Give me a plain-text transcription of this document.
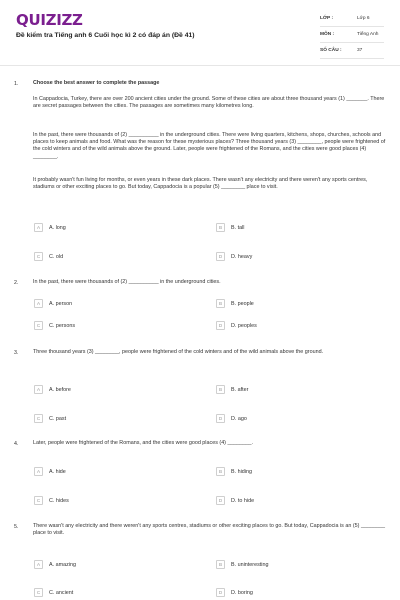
QUIZIZZ
Đề kiểm tra Tiếng anh 6 Cuối học kì 2 có đáp án (Đề 41)
LỚP :	Lớp 6
MÔN :	Tiếng Anh
SỐ CÂU :	37
1.	Choose the best answer to complete the passage
In Cappadocia, Turkey, there are over 200 ancient cities under the ground. Some of these cities are about three thousand years (1) _______. There are secret passages between the cities. The passages are sometimes many kilometres long.
In the past, there were thousands of (2) __________ in the underground cities. There were living quarters, kitchens, shops, churches, schools and places to keep animals and food. What was the reason for these mysterious places? Three thousand years (3) ________, people were frightened of the cold winters and of the wild animals above the ground. Later, people were frightened of the Romans, and the cities were good places (4) ________.
It probably wasn't fun living for months, or even years in these dark places. There wasn't any electricity and there weren't any sports centres, stadiums or other exciting places to go. But today, Cappadocia is a popular (5) ________ place to visit.
A	A. long	B	B. tall
C	C. old	D	D. heavy
2.	In the past, there were thousands of (2) __________ in the underground cities.
A	A. person	B	B. people
C	C. persons	D	D. peoples
3.	Three thousand years (3) ________, people were frightened of the cold winters and of the wild animals above the ground.
A	A. before	B	B. after
C	C. past	D	D. ago
4.	Later, people were frightened of the Romans, and the cities were good places (4) ________.
A	A. hide	B	B. hiding
C	C. hides	D	D. to hide
5.	There wasn't any electricity and there weren't any sports centres, stadiums or other exciting places to go. But today, Cappadocia is an (5) ________ place to visit.
A	A. amazing	B	B. uninteresting
C	C. ancient	D	D. boring
